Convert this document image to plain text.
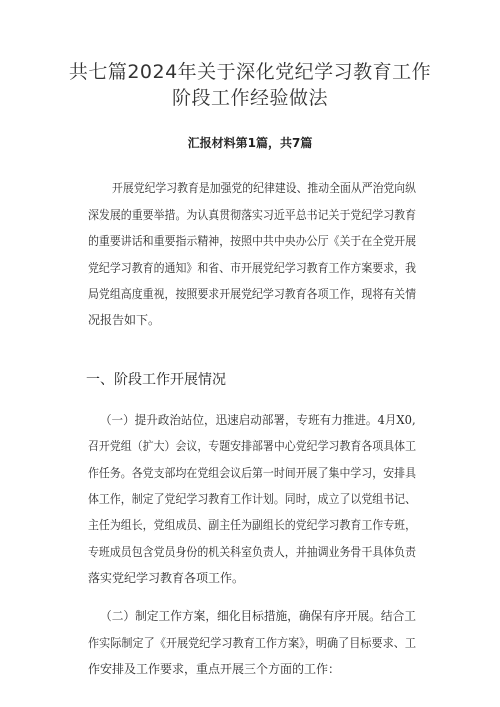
共七篇2024年关于深化党纪学习教育工作
阶段工作经验做法
汇报材料第1篇，共7篇
开展党纪学习教育是加强党的纪律建设、推动全面从严治党向纵
深发展的重要举措。为认真贯彻落实习近平总书记关于党纪学习教育
的重要讲话和重要指示精神，按照中共中央办公厅《关于在全党开展
党纪学习教育的通知》和省、市开展党纪学习教育工作方案要求，我
局党组高度重视，按照要求开展党纪学习教育各项工作，现将有关情
况报告如下。
一、阶段工作开展情况
（一）提升政治站位，迅速启动部署，专班有力推进。4月X0,
召开党组（扩大）会议，专题安排部署中心党纪学习教育各项具体工
作任务。各党支部均在党组会议后第一时间开展了集中学习，安排具
体工作，制定了党纪学习教育工作计划。同时，成立了以党组书记、
主任为组长，党组成员、副主任为副组长的党纪学习教育工作专班，
专班成员包含党员身份的机关科室负责人，并抽调业务骨干具体负责
落实党纪学习教育各项工作。
（二）制定工作方案，细化目标措施，确保有序开展。结合工
作实际制定了《开展党纪学习教育工作方案》，明确了目标要求、工
作安排及工作要求，重点开展三个方面的工作：
